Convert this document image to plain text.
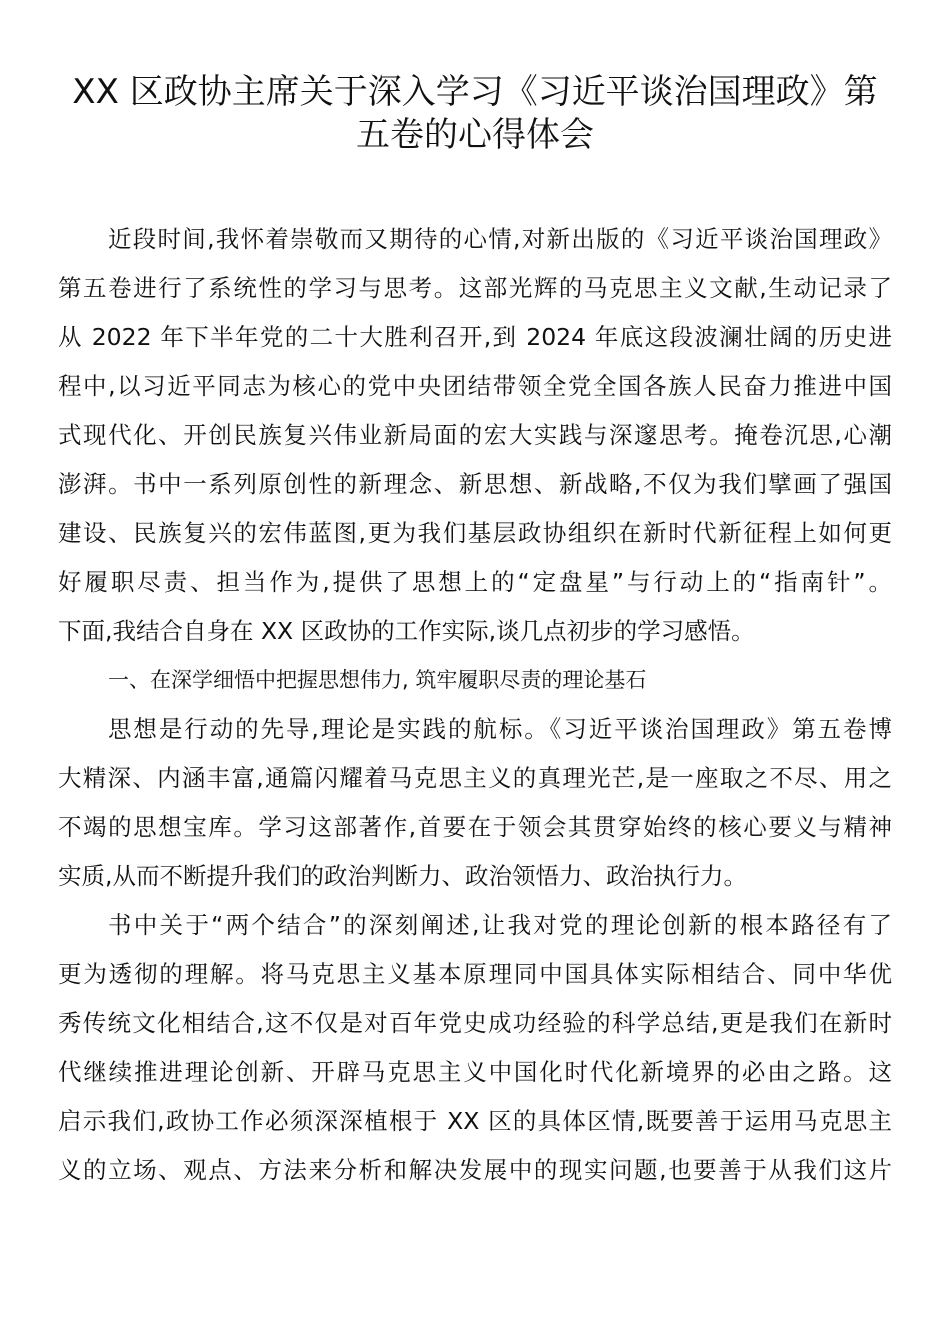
XX 区政协主席关于深入学习《习近平谈治国理政》第
五卷的心得体会
近段时间,我怀着崇敬而又期待的心情,对新出版的《习近平谈治国理政》
第五卷进行了系统性的学习与思考。这部光辉的马克思主义文献,生动记录了
从 2022 年下半年党的二十大胜利召开,到 2024 年底这段波澜壮阔的历史进
程中,以习近平同志为核心的党中央团结带领全党全国各族人民奋力推进中国
式现代化、开创民族复兴伟业新局面的宏大实践与深邃思考。掩卷沉思,心潮
澎湃。书中一系列原创性的新理念、新思想、新战略,不仅为我们擘画了强国
建设、民族复兴的宏伟蓝图,更为我们基层政协组织在新时代新征程上如何更
好履职尽责、担当作为,提供了思想上的“定盘星”与行动上的“指南针”。
下面,我结合自身在 XX 区政协的工作实际,谈几点初步的学习感悟。
一、在深学细悟中把握思想伟力, 筑牢履职尽责的理论基石
思想是行动的先导,理论是实践的航标。《习近平谈治国理政》第五卷博
大精深、内涵丰富,通篇闪耀着马克思主义的真理光芒,是一座取之不尽、用之
不竭的思想宝库。学习这部著作,首要在于领会其贯穿始终的核心要义与精神
实质,从而不断提升我们的政治判断力、政治领悟力、政治执行力。
书中关于“两个结合”的深刻阐述,让我对党的理论创新的根本路径有了
更为透彻的理解。将马克思主义基本原理同中国具体实际相结合、同中华优
秀传统文化相结合,这不仅是对百年党史成功经验的科学总结,更是我们在新时
代继续推进理论创新、开辟马克思主义中国化时代化新境界的必由之路。这
启示我们,政协工作必须深深植根于 XX 区的具体区情,既要善于运用马克思主
义的立场、观点、方法来分析和解决发展中的现实问题,也要善于从我们这片
